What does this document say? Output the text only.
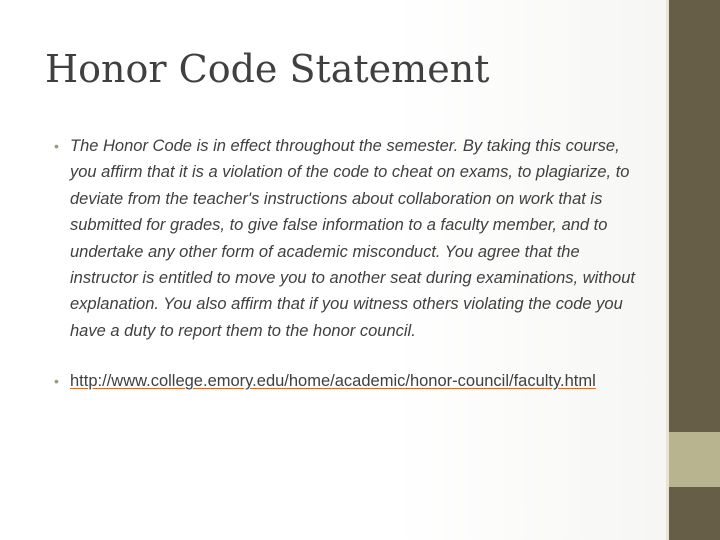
Honor Code Statement
• The Honor Code is in effect throughout the semester. By taking this course, you affirm that it is a violation of the code to cheat on exams, to plagiarize, to deviate from the teacher's instructions about collaboration on work that is submitted for grades, to give false information to a faculty member, and to undertake any other form of academic misconduct. You agree that the instructor is entitled to move you to another seat during examinations, without explanation. You also affirm that if you witness others violating the code you have a duty to report them to the honor council.
• http://www.college.emory.edu/home/academic/honor-council/faculty.html
